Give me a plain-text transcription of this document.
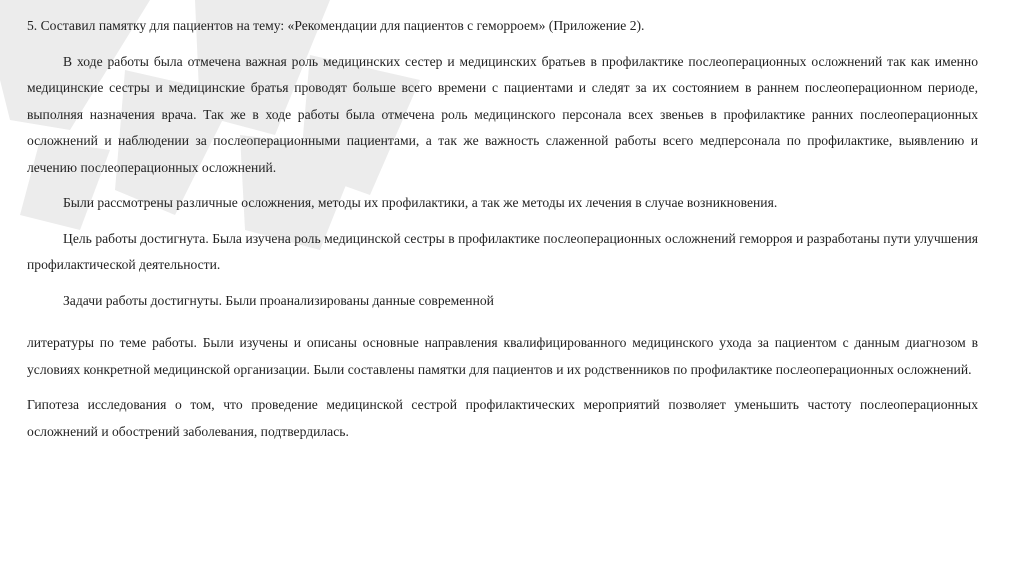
5. Составил памятку для пациентов на тему: «Рекомендации для пациентов с геморроем» (Приложение 2).

В ходе работы была отмечена важная роль медицинских сестер и медицинских братьев в профилактике послеоперационных осложнений так как именно медицинские сестры и медицинские братья проводят больше всего времени с пациентами и следят за их состоянием в раннем послеоперационном периоде, выполняя назначения врача. Так же в ходе работы была отмечена роль медицинского персонала всех звеньев в профилактике ранних послеоперационных осложнений и наблюдении за послеоперационными пациентами, а так же важность слаженной работы всего медперсонала по профилактике, выявлению и лечению послеоперационных осложнений.

Были рассмотрены различные осложнения, методы их профилактики, а так же методы их лечения в случае возникновения.

Цель работы достигнута. Была изучена роль медицинской сестры в профилактике послеоперационных осложнений геморроя и разработаны пути улучшения профилактической деятельности.

Задачи работы достигнуты. Были проанализированы данные современной

литературы по теме работы. Были изучены и описаны основные направления квалифицированного медицинского ухода за пациентом с данным диагнозом в условиях конкретной медицинской организации. Были составлены памятки для пациентов и их родственников по профилактике послеоперационных осложнений.

Гипотеза исследования о том, что проведение медицинской сестрой профилактических мероприятий позволяет уменьшить частоту послеоперационных осложнений и обострений заболевания, подтвердилась.
